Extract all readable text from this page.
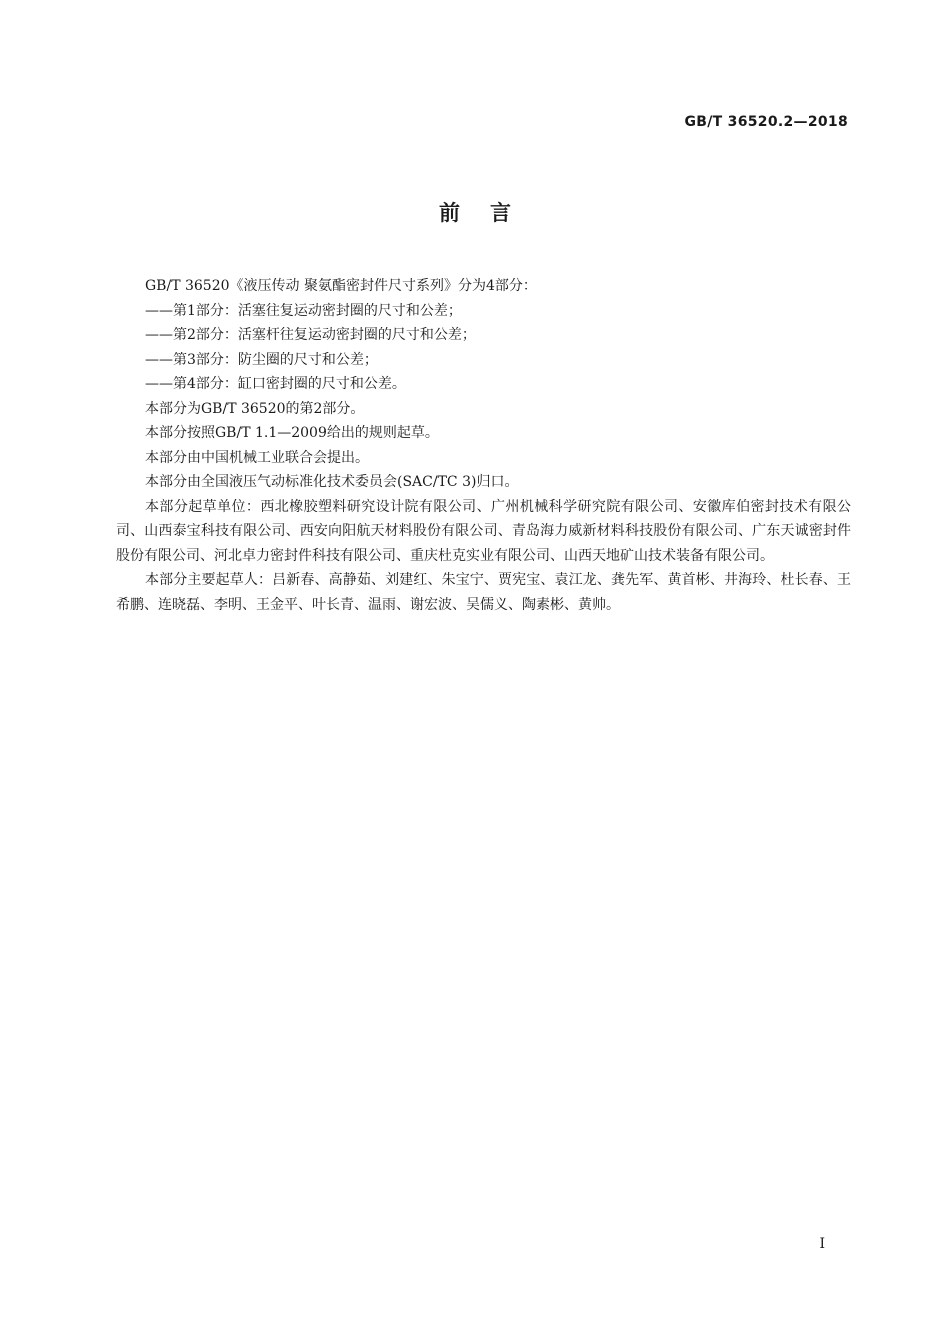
GB/T 36520.2—2018
前言

GB/T 36520《液压传动 聚氨酯密封件尺寸系列》分为4部分：

——第1部分：活塞往复运动密封圈的尺寸和公差；

——第2部分：活塞杆往复运动密封圈的尺寸和公差；

——第3部分：防尘圈的尺寸和公差；

——第4部分：缸口密封圈的尺寸和公差。

本部分为GB/T 36520的第2部分。

本部分按照GB/T 1.1—2009给出的规则起草。

本部分由中国机械工业联合会提出。

本部分由全国液压气动标准化技术委员会(SAC/TC 3)归口。

本部分起草单位：西北橡胶塑料研究设计院有限公司、广州机械科学研究院有限公司、安徽库伯密封技术有限公司、山西泰宝科技有限公司、西安向阳航天材料股份有限公司、青岛海力威新材料科技股份有限公司、广东天诚密封件股份有限公司、河北卓力密封件科技有限公司、重庆杜克实业有限公司、山西天地矿山技术装备有限公司。

本部分主要起草人：吕新春、高静茹、刘建红、朱宝宁、贾宪宝、袁江龙、龚先军、黄首彬、井海玲、杜长春、王希鹏、连晓磊、李明、王金平、叶长青、温雨、谢宏波、吴儒义、陶素彬、黄帅。

I
